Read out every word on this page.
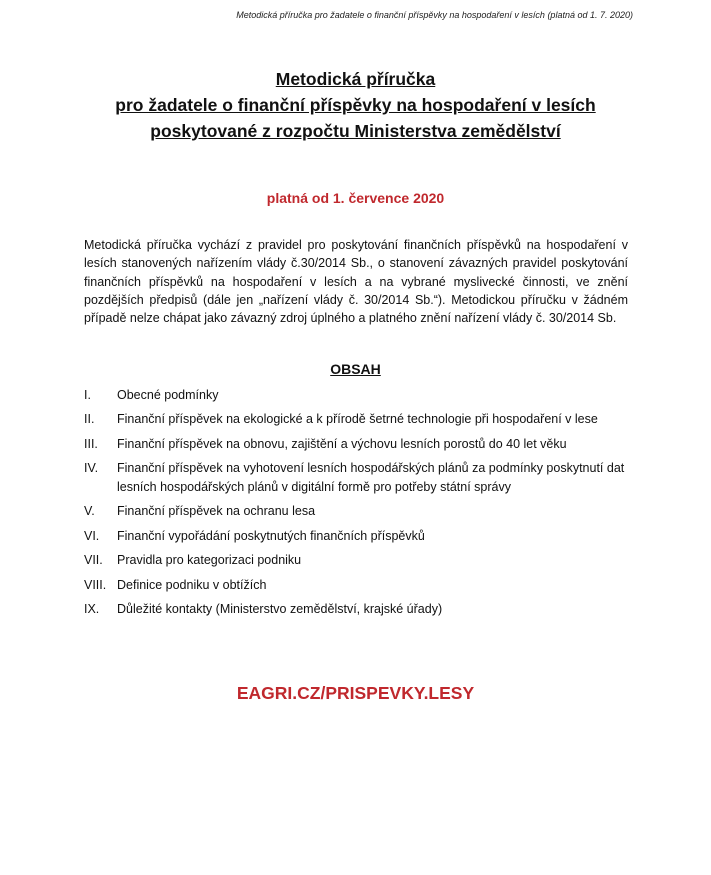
Metodická příručka pro žadatele o finanční příspěvky na hospodaření v lesích (platná od 1. 7. 2020)
Metodická příručka
pro žadatele o finanční příspěvky na hospodaření v lesích
poskytované z rozpočtu Ministerstva zemědělství
platná od 1. července 2020

Metodická příručka vychází z pravidel pro poskytování finančních příspěvků na hospodaření v lesích stanovených nařízením vlády č.30/2014 Sb., o stanovení závazných pravidel poskytování finančních příspěvků na hospodaření v lesích a na vybrané myslivecké činnosti, ve znění pozdějších předpisů (dále jen „nařízení vlády č. 30/2014 Sb.“). Metodickou příručku v žádném případě nelze chápat jako závazný zdroj úplného a platného znění nařízení vlády č. 30/2014 Sb.

OBSAH
I.	Obecné podmínky
II.	Finanční příspěvek na ekologické a k přírodě šetrné technologie při hospodaření v lese
III.	Finanční příspěvek na obnovu, zajištění a výchovu lesních porostů do 40 let věku
IV.	Finanční příspěvek na vyhotovení lesních hospodářských plánů za podmínky poskytnutí dat lesních hospodářských plánů v digitální formě pro potřeby státní správy
V.	Finanční příspěvek na ochranu lesa
VI.	Finanční vypořádání poskytnutých finančních příspěvků
VII.	Pravidla pro kategorizaci podniku
VIII. Definice podniku v obtížích
IX.	Důležité kontakty (Ministerstvo zemědělství, krajské úřady)
EAGRI.CZ/PRISPEVKY.LESY
